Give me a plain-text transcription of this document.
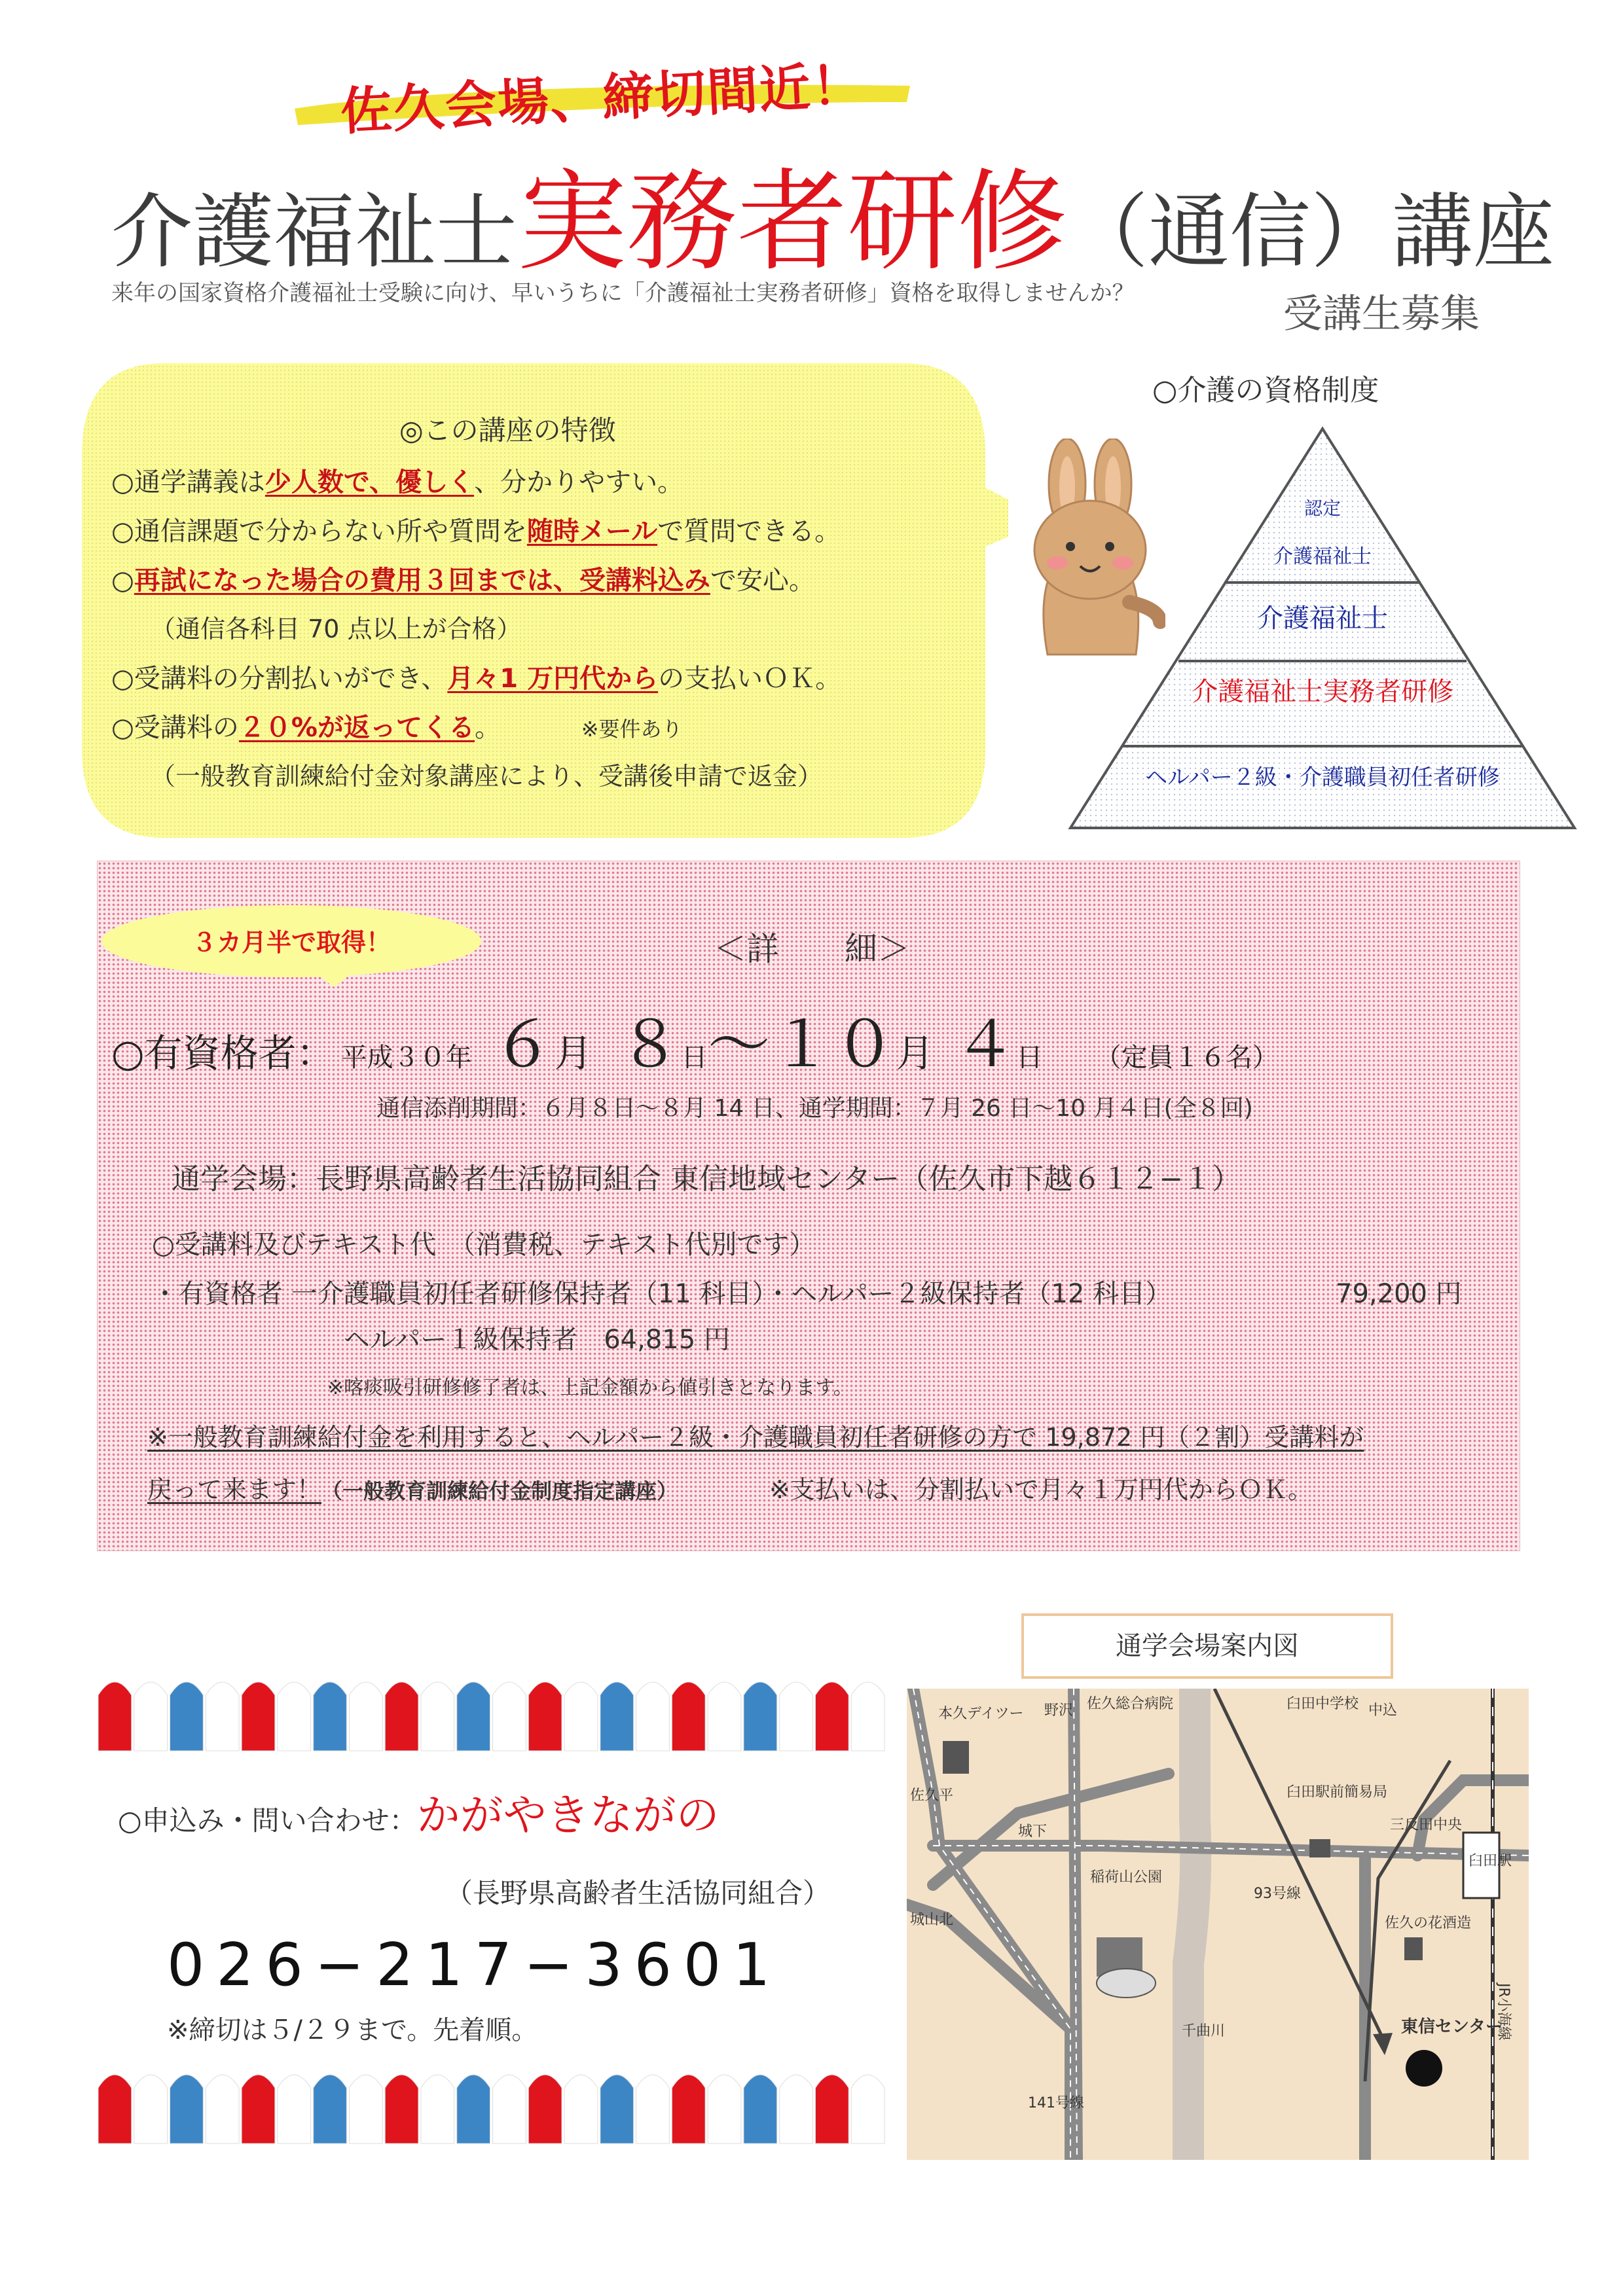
佐久会場、締切間近！
介護福祉士実務者研修（通信）講座
来年の国家資格介護福祉士受験に向け、早いうちに「介護福祉士実務者研修」資格を取得しませんか？	受講生募集
◎この講座の特徴
○通学講義は少人数で、優しく、分かりやすい。
○通信課題で分からない所や質問を随時メールで質問できる。
○再試になった場合の費用３回までは、受講料込みで安心。
（通信各科目 70 点以上が合格）
○受講料の分割払いができ、月々1 万円代からの支払いＯＫ。
○受講料の２０%が返ってくる。	※要件あり
（一般教育訓練給付金対象講座により、受講後申請で返金）
○介護の資格制度
認定
介護福祉士
介護福祉士
介護福祉士実務者研修
ヘルパー２級・介護職員初任者研修
３カ月半で取得！	＜詳　　細＞
○有資格者： 平成３０年 ６月 ８日〜１０月 ４日 （定員１６名）
通信添削期間：６月８日〜８月 14 日、通学期間：７月 26 日〜10 月４日(全８回)
通学会場：長野県高齢者生活協同組合 東信地域センター（佐久市下越６１２−１）
○受講料及びテキスト代　（消費税、テキスト代別です）
・有資格者 一介護職員初任者研修保持者（11 科目）・ヘルパー２級保持者（12 科目）	79,200 円
ヘルパー１級保持者　64,815 円
※喀痰吸引研修修了者は、上記金額から値引きとなります。
※一般教育訓練給付金を利用すると、ヘルパー２級・介護職員初任者研修の方で 19,872 円（２割）受講料が
戻って来ます！（一般教育訓練給付金制度指定講座）	※支払いは、分割払いで月々１万円代からＯＫ。
○申込み・問い合わせ：かがやきながの
（長野県高齢者生活協同組合）
026−217−3601
※締切は５/２９まで。先着順。
通学会場案内図
本久デイツー 野沢 佐久総合病院	臼田中学校 中込
臼田駅前簡易局
三反田中央
臼田駅
佐久平
城下
稲荷山公園
93号線
城山北	佐久の花酒造
JR小海線
千曲川	東信センター
141号線
